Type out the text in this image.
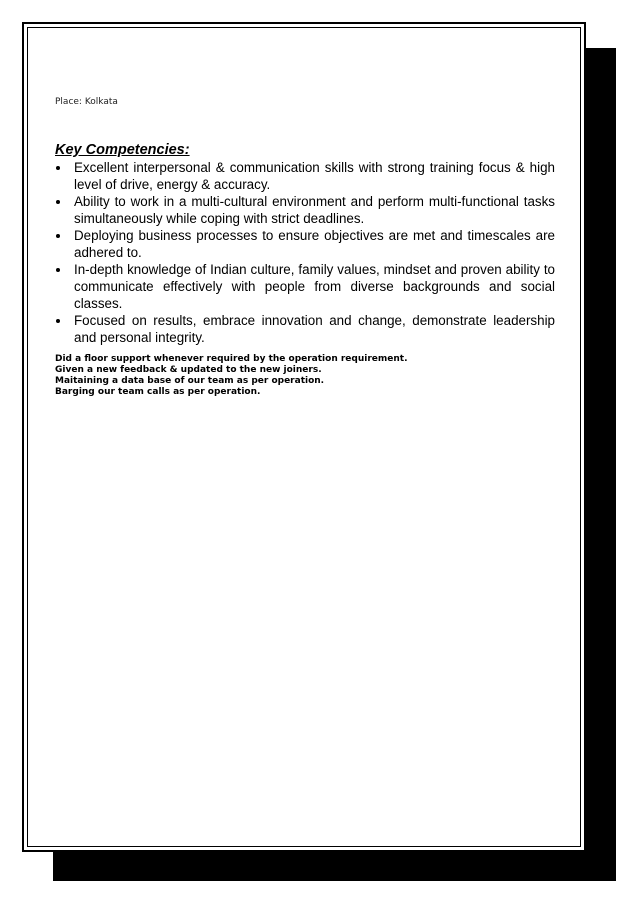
Place: Kolkata

Key Competencies:
Excellent interpersonal & communication skills with strong training focus & high level of drive, energy & accuracy.
Ability to work in a multi-cultural environment and perform multi-functional tasks simultaneously while coping with strict deadlines.
Deploying business processes to ensure objectives are met and timescales are adhered to.
In-depth knowledge of Indian culture, family values, mindset and proven ability to communicate effectively with people from diverse backgrounds and social classes.
Focused on results, embrace innovation and change, demonstrate leadership and personal integrity.
Did a floor support whenever required by the operation requirement.
Given a new feedback & updated to the new joiners.
Maitaining a data base of our team as per operation.
Barging our team calls as per operation.
